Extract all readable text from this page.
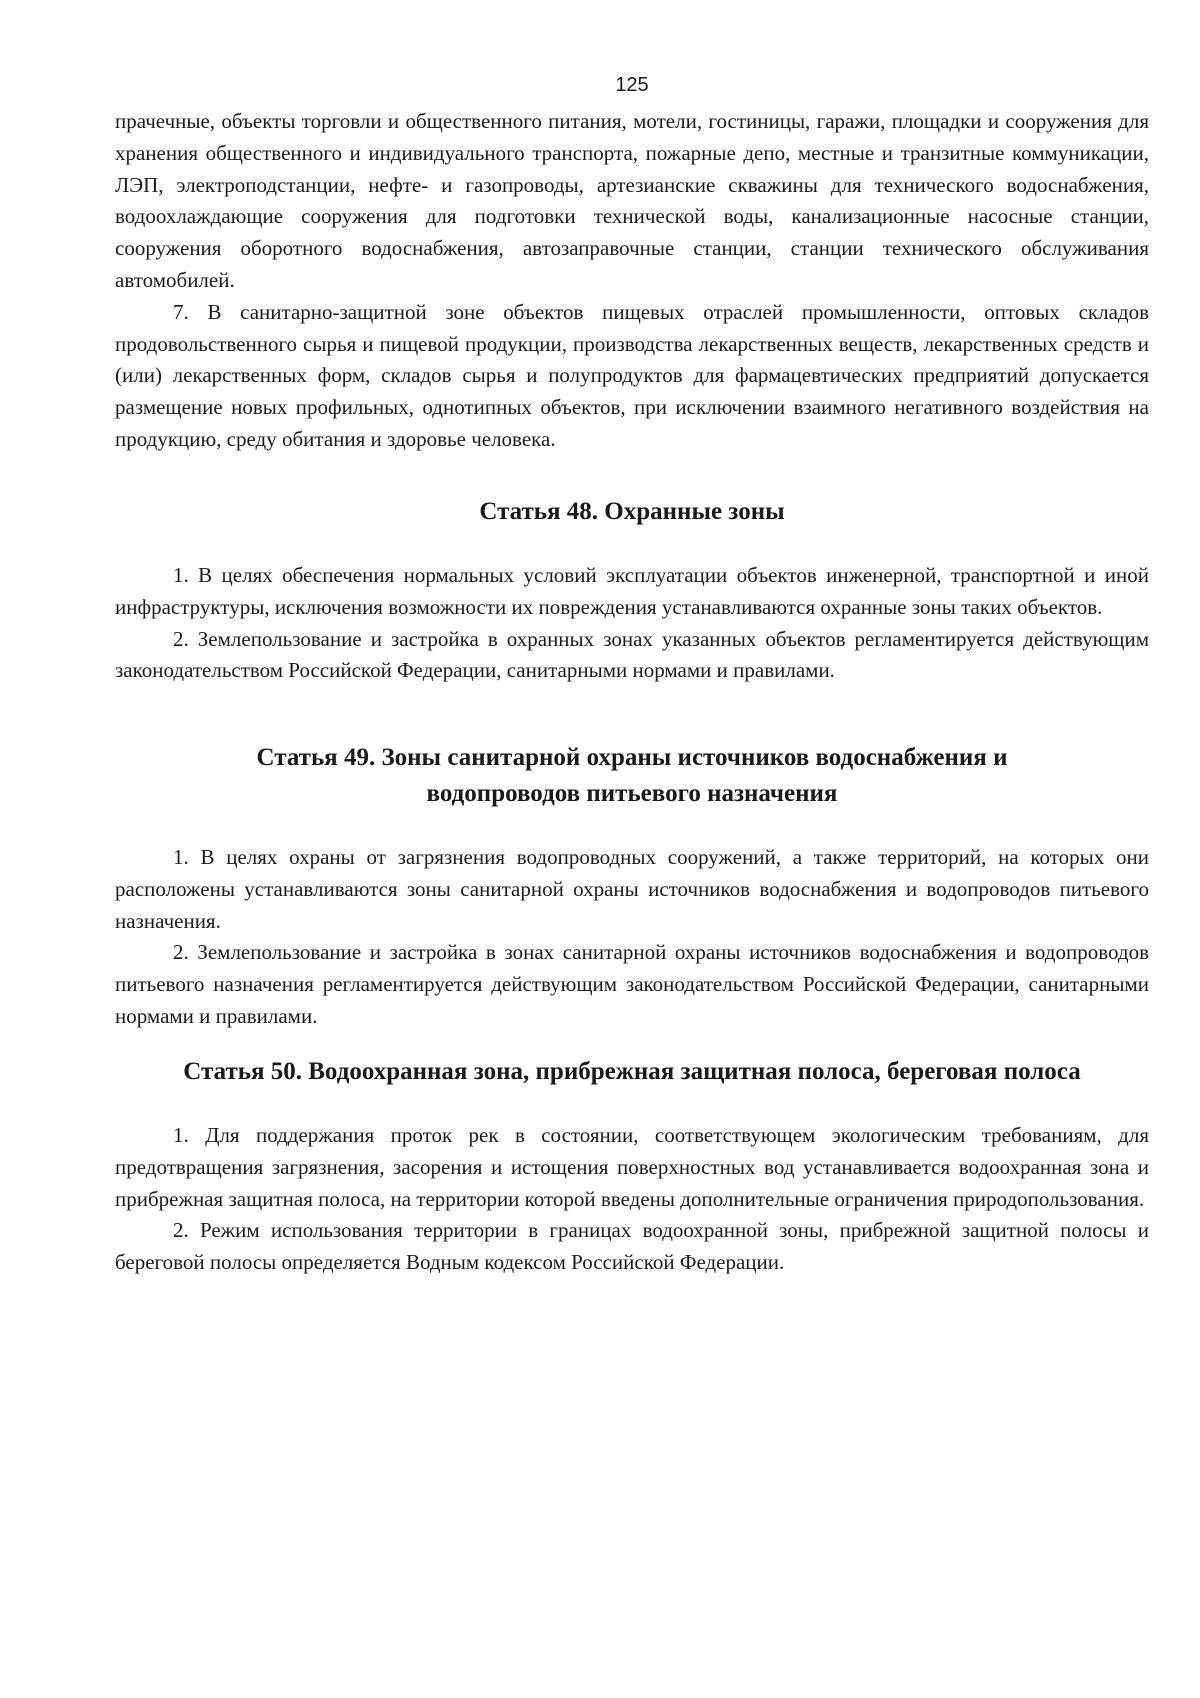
125

прачечные, объекты торговли и общественного питания, мотели, гостиницы, гаражи, площадки и сооружения для хранения общественного и индивидуального транспорта, пожарные депо, местные и транзитные коммуникации, ЛЭП, электроподстанции, нефте- и газопроводы, артезианские скважины для технического водоснабжения, водоохлаждающие сооружения для подготовки технической воды, канализационные насосные станции, сооружения оборотного водоснабжения, автозаправочные станции, станции технического обслуживания автомобилей.

7. В санитарно-защитной зоне объектов пищевых отраслей промышленности, оптовых складов продовольственного сырья и пищевой продукции, производства лекарственных веществ, лекарственных средств и (или) лекарственных форм, складов сырья и полупродуктов для фармацевтических предприятий допускается размещение новых профильных, однотипных объектов, при исключении взаимного негативного воздействия на продукцию, среду обитания и здоровье человека.

Статья 48. Охранные зоны

1. В целях обеспечения нормальных условий эксплуатации объектов инженерной, транспортной и иной инфраструктуры, исключения возможности их повреждения устанавливаются охранные зоны таких объектов.

2. Землепользование и застройка в охранных зонах указанных объектов регламентируется действующим законодательством Российской Федерации, санитарными нормами и правилами.

Статья 49. Зоны санитарной охраны источников водоснабжения и
водопроводов питьевого назначения

1. В целях охраны от загрязнения водопроводных сооружений, а также территорий, на которых они расположены устанавливаются зоны санитарной охраны источников водоснабжения и водопроводов питьевого назначения.

2. Землепользование и застройка в зонах санитарной охраны источников водоснабжения и водопроводов питьевого назначения регламентируется действующим законодательством Российской Федерации, санитарными нормами и правилами.

Статья 50. Водоохранная зона, прибрежная защитная полоса, береговая полоса

1. Для поддержания проток рек в состоянии, соответствующем экологическим требованиям, для предотвращения загрязнения, засорения и истощения поверхностных вод устанавливается водоохранная зона и прибрежная защитная полоса, на территории которой введены дополнительные ограничения природопользования.

2. Режим использования территории в границах водоохранной зоны, прибрежной защитной полосы и береговой полосы определяется Водным кодексом Российской Федерации.
